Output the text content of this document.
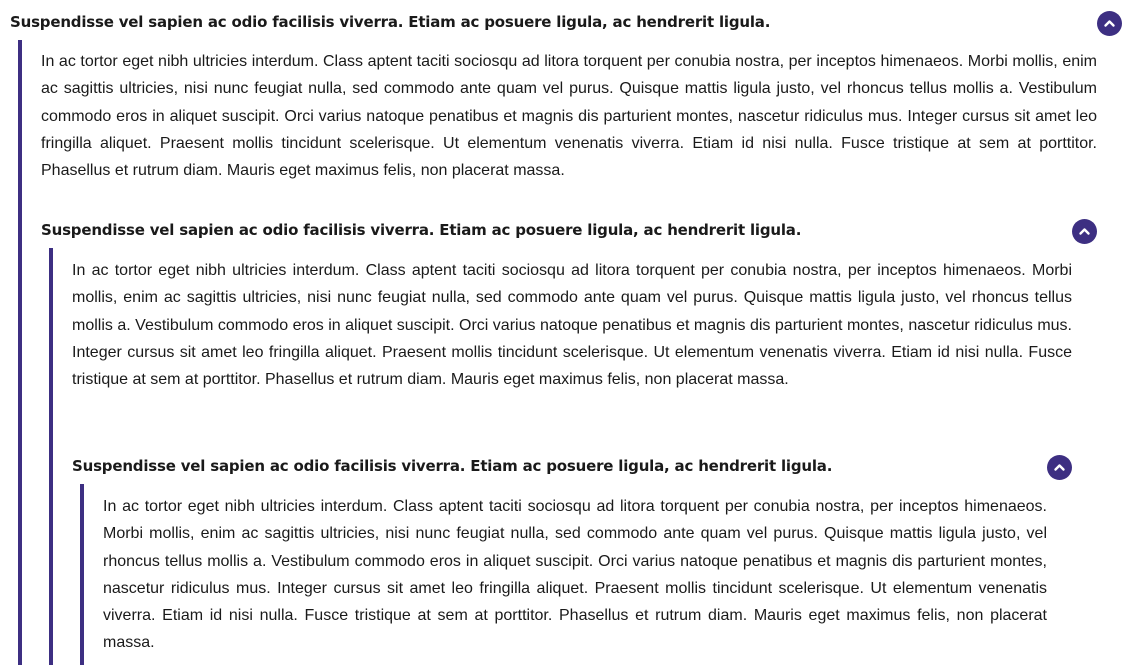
Suspendisse vel sapien ac odio facilisis viverra. Etiam ac posuere ligula, ac hendrerit ligula.

In ac tortor eget nibh ultricies interdum. Class aptent taciti sociosqu ad litora torquent per conubia nostra, per inceptos himenaeos. Morbi mollis, enim ac sagittis ultricies, nisi nunc feugiat nulla, sed commodo ante quam vel purus. Quisque mattis ligula justo, vel rhoncus tellus mollis a. Vestibulum commodo eros in aliquet suscipit. Orci varius natoque penatibus et magnis dis parturient montes, nascetur ridiculus mus. Integer cursus sit amet leo fringilla aliquet. Praesent mollis tincidunt scelerisque. Ut elementum venenatis viverra. Etiam id nisi nulla. Fusce tristique at sem at porttitor. Phasellus et rutrum diam. Mauris eget maximus felis, non placerat massa.

Suspendisse vel sapien ac odio facilisis viverra. Etiam ac posuere ligula, ac hendrerit ligula.

In ac tortor eget nibh ultricies interdum. Class aptent taciti sociosqu ad litora torquent per conubia nostra, per inceptos himenaeos. Morbi mollis, enim ac sagittis ultricies, nisi nunc feugiat nulla, sed commodo ante quam vel purus. Quisque mattis ligula justo, vel rhoncus tellus mollis a. Vestibulum commodo eros in aliquet suscipit. Orci varius natoque penatibus et magnis dis parturient montes, nascetur ridiculus mus. Integer cursus sit amet leo fringilla aliquet. Praesent mollis tincidunt scelerisque. Ut elementum venenatis viverra. Etiam id nisi nulla. Fusce tristique at sem at porttitor. Phasellus et rutrum diam. Mauris eget maximus felis, non placerat massa.

Suspendisse vel sapien ac odio facilisis viverra. Etiam ac posuere ligula, ac hendrerit ligula.

In ac tortor eget nibh ultricies interdum. Class aptent taciti sociosqu ad litora torquent per conubia nostra, per inceptos himenaeos. Morbi mollis, enim ac sagittis ultricies, nisi nunc feugiat nulla, sed commodo ante quam vel purus. Quisque mattis ligula justo, vel rhoncus tellus mollis a. Vestibulum commodo eros in aliquet suscipit. Orci varius natoque penatibus et magnis dis parturient montes, nascetur ridiculus mus. Integer cursus sit amet leo fringilla aliquet. Praesent mollis tincidunt scelerisque. Ut elementum venenatis viverra. Etiam id nisi nulla. Fusce tristique at sem at porttitor. Phasellus et rutrum diam. Mauris eget maximus felis, non placerat massa.
